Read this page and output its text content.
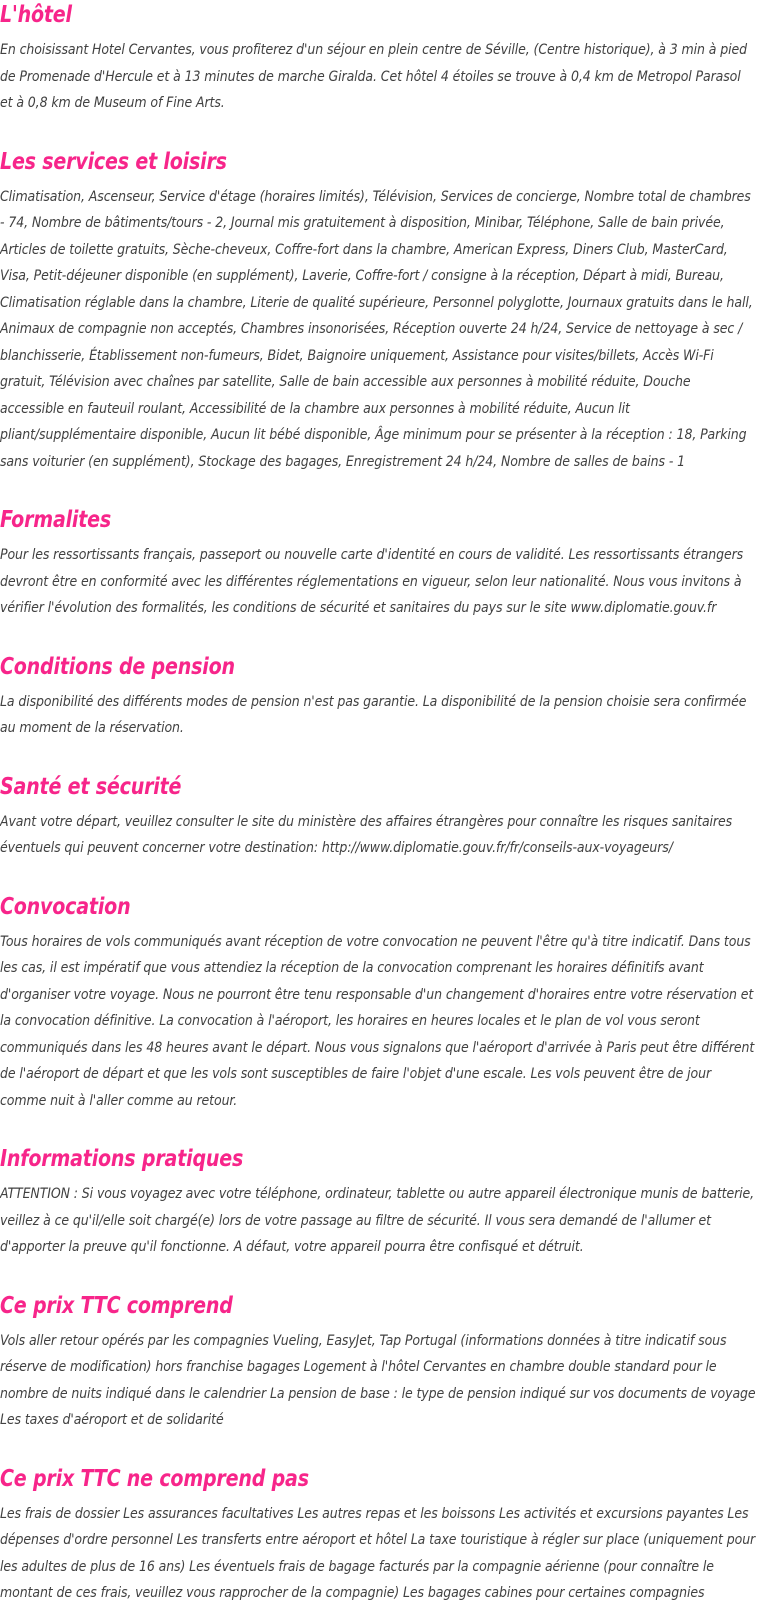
L'hôtel

En choisissant Hotel Cervantes, vous profiterez d'un séjour en plein centre de Séville, (Centre historique), à 3 min à pied de Promenade d'Hercule et à 13 minutes de marche Giralda. Cet hôtel 4 étoiles se trouve à 0,4 km de Metropol Parasol et à 0,8 km de Museum of Fine Arts.

Les services et loisirs

Climatisation, Ascenseur, Service d'étage (horaires limités), Télévision, Services de concierge, Nombre total de chambres - 74, Nombre de bâtiments/tours - 2, Journal mis gratuitement à disposition, Minibar, Téléphone, Salle de bain privée, Articles de toilette gratuits, Sèche-cheveux, Coffre-fort dans la chambre, American Express, Diners Club, MasterCard, Visa, Petit-déjeuner disponible (en supplément), Laverie, Coffre-fort / consigne à la réception, Départ à midi, Bureau, Climatisation réglable dans la chambre, Literie de qualité supérieure, Personnel polyglotte, Journaux gratuits dans le hall, Animaux de compagnie non acceptés, Chambres insonorisées, Réception ouverte 24 h/24, Service de nettoyage à sec / blanchisserie, Établissement non-fumeurs, Bidet, Baignoire uniquement, Assistance pour visites/billets, Accès Wi-Fi gratuit, Télévision avec chaînes par satellite, Salle de bain accessible aux personnes à mobilité réduite, Douche accessible en fauteuil roulant, Accessibilité de la chambre aux personnes à mobilité réduite, Aucun lit pliant/supplémentaire disponible, Aucun lit bébé disponible, Âge minimum pour se présenter à la réception : 18, Parking sans voiturier (en supplément), Stockage des bagages, Enregistrement 24 h/24, Nombre de salles de bains - 1

Formalites

Pour les ressortissants français, passeport ou nouvelle carte d'identité en cours de validité. Les ressortissants étrangers devront être en conformité avec les différentes réglementations en vigueur, selon leur nationalité. Nous vous invitons à vérifier l'évolution des formalités, les conditions de sécurité et sanitaires du pays sur le site www.diplomatie.gouv.fr

Conditions de pension

La disponibilité des différents modes de pension n'est pas garantie. La disponibilité de la pension choisie sera confirmée au moment de la réservation.

Santé et sécurité

Avant votre départ, veuillez consulter le site du ministère des affaires étrangères pour connaître les risques sanitaires éventuels qui peuvent concerner votre destination: http://www.diplomatie.gouv.fr/fr/conseils-aux-voyageurs/

Convocation

Tous horaires de vols communiqués avant réception de votre convocation ne peuvent l'être qu'à titre indicatif. Dans tous les cas, il est impératif que vous attendiez la réception de la convocation comprenant les horaires définitifs avant d'organiser votre voyage. Nous ne pourront être tenu responsable d'un changement d'horaires entre votre réservation et la convocation définitive. La convocation à l'aéroport, les horaires en heures locales et le plan de vol vous seront communiqués dans les 48 heures avant le départ. Nous vous signalons que l'aéroport d'arrivée à Paris peut être différent de l'aéroport de départ et que les vols sont susceptibles de faire l'objet d'une escale. Les vols peuvent être de jour comme nuit à l'aller comme au retour.

Informations pratiques

ATTENTION : Si vous voyagez avec votre téléphone, ordinateur, tablette ou autre appareil électronique munis de batterie, veillez à ce qu'il/elle soit chargé(e) lors de votre passage au filtre de sécurité. Il vous sera demandé de l'allumer et d'apporter la preuve qu'il fonctionne. A défaut, votre appareil pourra être confisqué et détruit.

Ce prix TTC comprend

Vols aller retour opérés par les compagnies Vueling, EasyJet, Tap Portugal (informations données à titre indicatif sous réserve de modification) hors franchise bagages Logement à l'hôtel Cervantes en chambre double standard pour le nombre de nuits indiqué dans le calendrier La pension de base : le type de pension indiqué sur vos documents de voyage Les taxes d'aéroport et de solidarité

Ce prix TTC ne comprend pas

Les frais de dossier Les assurances facultatives Les autres repas et les boissons Les activités et excursions payantes Les dépenses d'ordre personnel Les transferts entre aéroport et hôtel La taxe touristique à régler sur place (uniquement pour les adultes de plus de 16 ans) Les éventuels frais de bagage facturés par la compagnie aérienne (pour connaître le montant de ces frais, veuillez vous rapprocher de la compagnie) Les bagages cabines pour certaines compagnies
